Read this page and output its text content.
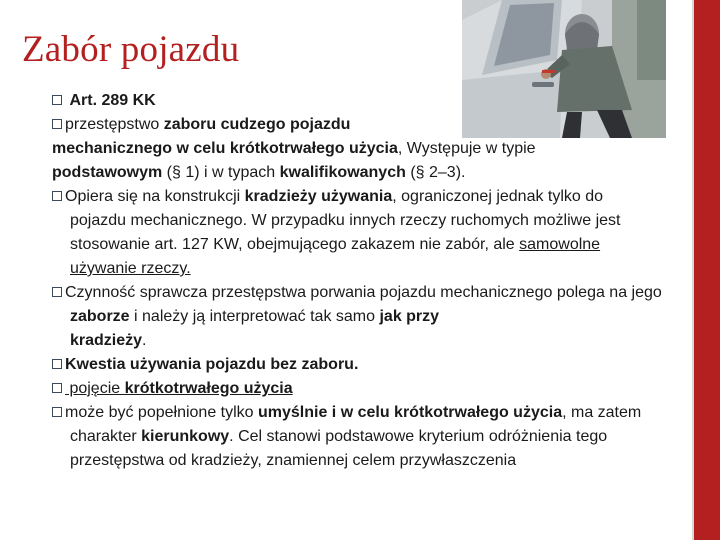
Zabór pojazdu

Art. 289 KK

przestępstwo zaboru cudzego pojazdu
mechanicznego w celu krótkotrwałego użycia, Występuje w typie
podstawowym (§ 1) i w typach kwalifikowanych (§ 2–3).

Opiera się na konstrukcji kradzieży używania, ograniczonej jednak tylko do pojazdu mechanicznego. W przypadku innych rzeczy ruchomych możliwe jest stosowanie art. 127 KW, obejmującego zakazem nie zabór, ale samowolne używanie rzeczy.

Czynność sprawcza przestępstwa porwania pojazdu mechanicznego polega na jego zaborze i należy ją interpretować tak samo jak przy
kradzieży.

Kwestia używania pojazdu bez zaboru.

pojęcie krótkotrwałego użycia

może być popełnione tylko umyślnie i w celu krótkotrwałego użycia, ma zatem charakter kierunkowy. Cel stanowi podstawowe kryterium odróżnienia tego przestępstwa od kradzieży, znamiennej celem przywłaszczenia
